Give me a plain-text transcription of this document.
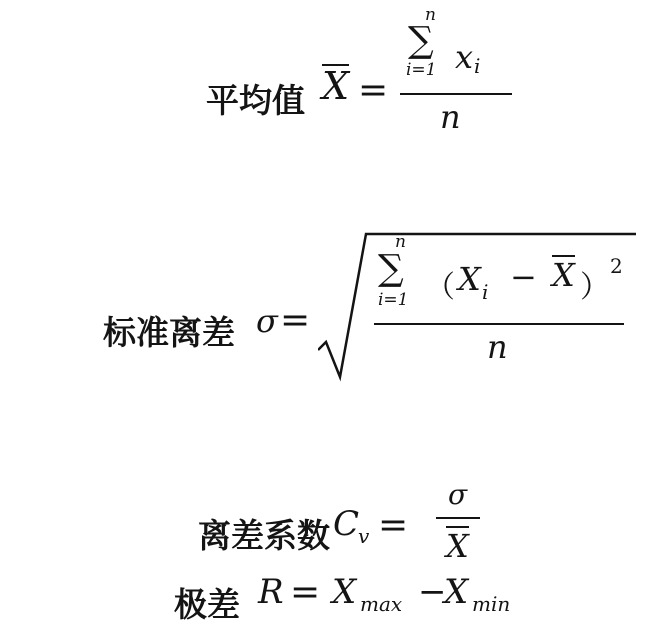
平均值 X =
n
∑
i=1 x i
n
标准离差 σ =
n
∑
i=1 （ X i − X ）
2
n
离差系数 C
v =
σ
X
极差 R = X max −
X min
